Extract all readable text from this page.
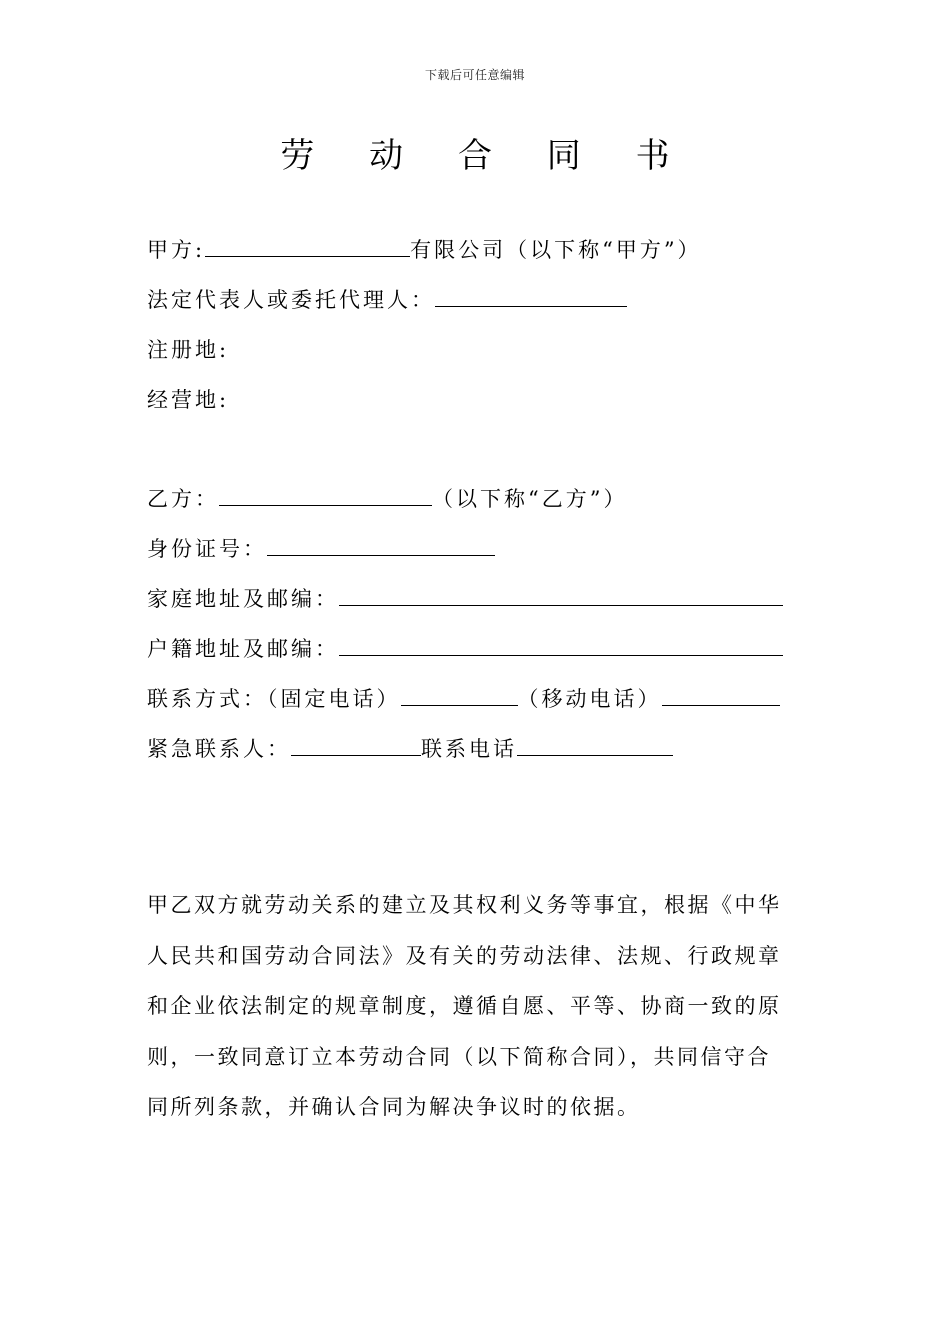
下载后可任意编辑
劳 动 合 同 书
甲方:	有限公司（以下称“甲方”）
法定代表人或委托代理人：
注册地:
经营地:
乙方：	（以下称“乙方”）
身份证号：
家庭地址及邮编：
户籍地址及邮编：
联系方式：（固定电话）	（移动电话）
紧急联系人：	联系电话

甲乙双方就劳动关系的建立及其权利义务等事宜，根据《中华

人民共和国劳动合同法》及有关的劳动法律、法规、行政规章

和企业依法制定的规章制度，遵循自愿、平等、协商一致的原

则，一致同意订立本劳动合同（以下简称合同），共同信守合

同所列条款，并确认合同为解决争议时的依据。
